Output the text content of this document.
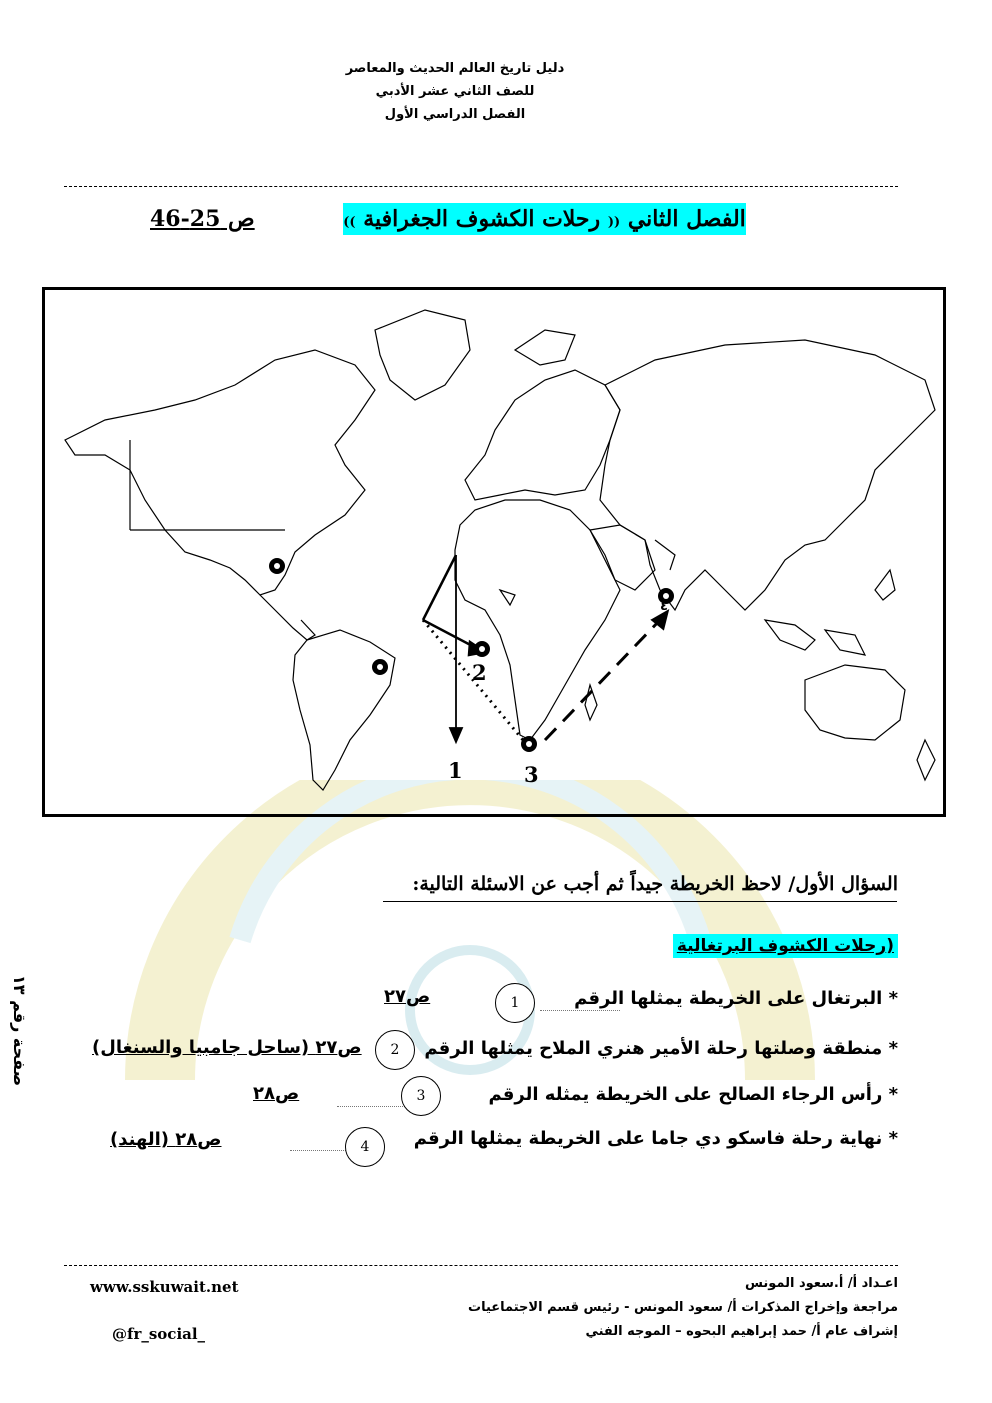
دليل تاريخ العالم الحديث والمعاصر
للصف الثاني عشر الأدبي
الفصل الدراسي الأول
الفصل الثاني (( رحلات الكشوف الجغرافية ))
ص 25-46
1
2
3
٤
السؤال الأول/ لاحظ الخريطة جيداً ثم أجب عن الاسئلة التالية:
(رحلات الكشوف البرتغالية
* البرتغال على الخريطة يمثلها الرقم
1
ص٢٧
* منطقة وصلتها رحلة الأمير هنري الملاح يمثلها الرقم
2
ص٢٧ (ساحل جامبيا والسنغال)
* رأس الرجاء الصالح على الخريطة يمثله الرقم
3
ص٢٨
* نهاية رحلة فاسكو دي جاما على الخريطة يمثلها الرقم
4
ص٢٨ (الهند)
صفحة رقم ١٣
اعـداد أ/ أ.سعود المونس
مراجعة وإخراج المذكرات أ/ سعود المونس - رئيس قسم الاجتماعيات
إشراف عام أ/ حمد إبراهيم البحوه – الموجه الفني
www.sskuwait.net
@fr_social_
